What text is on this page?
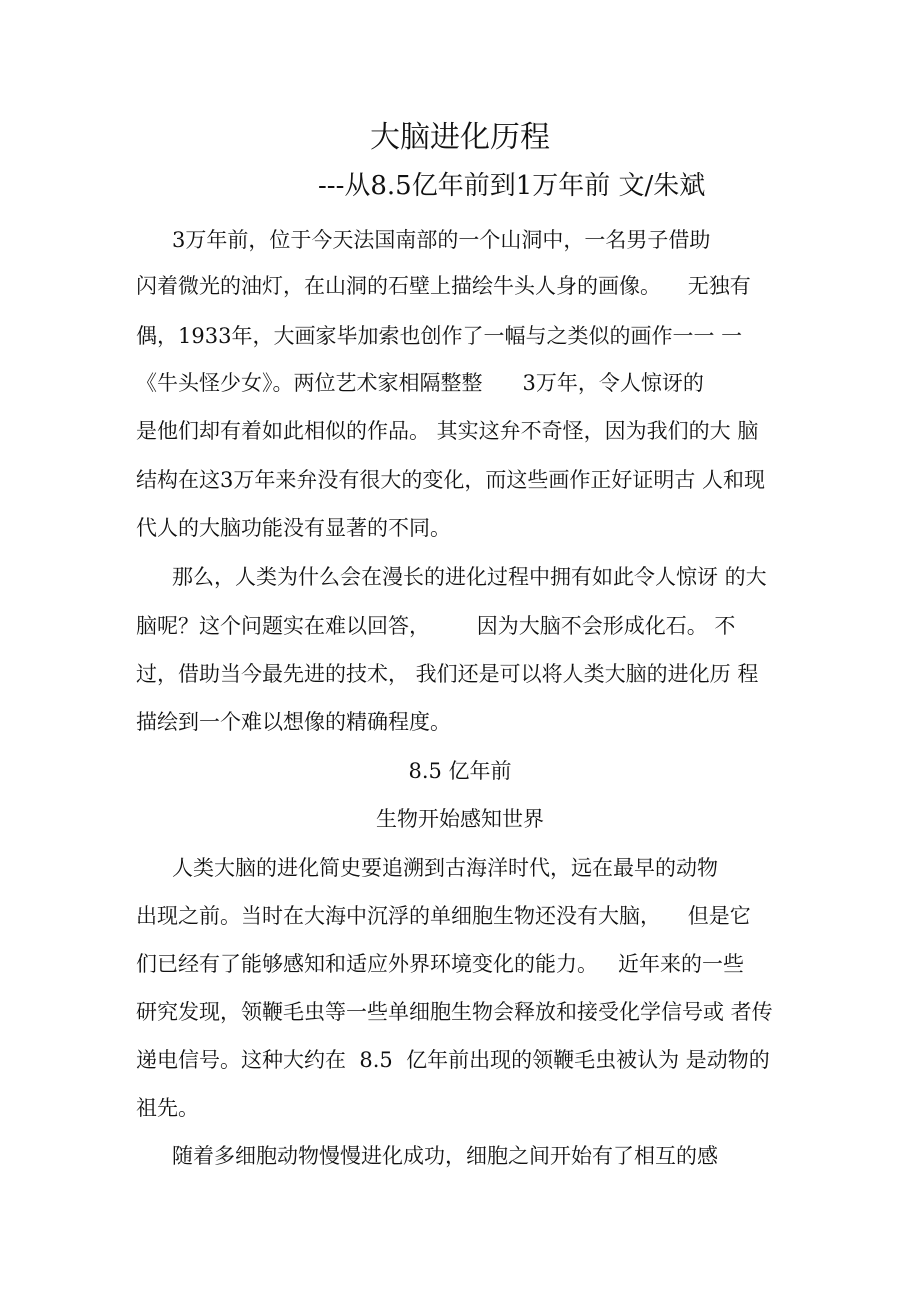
大脑进化历程
---从8.5亿年前到1万年前 文/朱斌
3万年前，位于今天法国南部的一个山洞中，一名男子借助
闪着微光的油灯，在山洞的石壁上描绘牛头人身的画像。    无独有
偶，1933年，大画家毕加索也创作了一幅与之类似的画作一一 一
《牛头怪少女》。两位艺术家相隔整整      3万年，令人惊讶的
是他们却有着如此相似的作品。 其实这弁不奇怪，因为我们的大 脑
结构在这3万年来弁没有很大的变化，而这些画作正好证明古 人和现
代人的大脑功能没有显著的不同。
那么，人类为什么会在漫长的进化过程中拥有如此令人惊讶 的大
脑呢？这个问题实在难以回答，       因为大脑不会形成化石。 不
过，借助当今最先进的技术， 我们还是可以将人类大脑的进化历 程
描绘到一个难以想像的精确程度。
8.5 亿年前
生物开始感知世界
人类大脑的进化简史要追溯到古海洋时代，远在最早的动物
出现之前。当时在大海中沉浮的单细胞生物还没有大脑，    但是它
们已经有了能够感知和适应外界环境变化的能力。   近年来的一些
研究发现，领鞭毛虫等一些单细胞生物会释放和接受化学信号或 者传
递电信号。这种大约在  8.5  亿年前出现的领鞭毛虫被认为 是动物的
祖先。
随着多细胞动物慢慢进化成功，细胞之间开始有了相互的感
